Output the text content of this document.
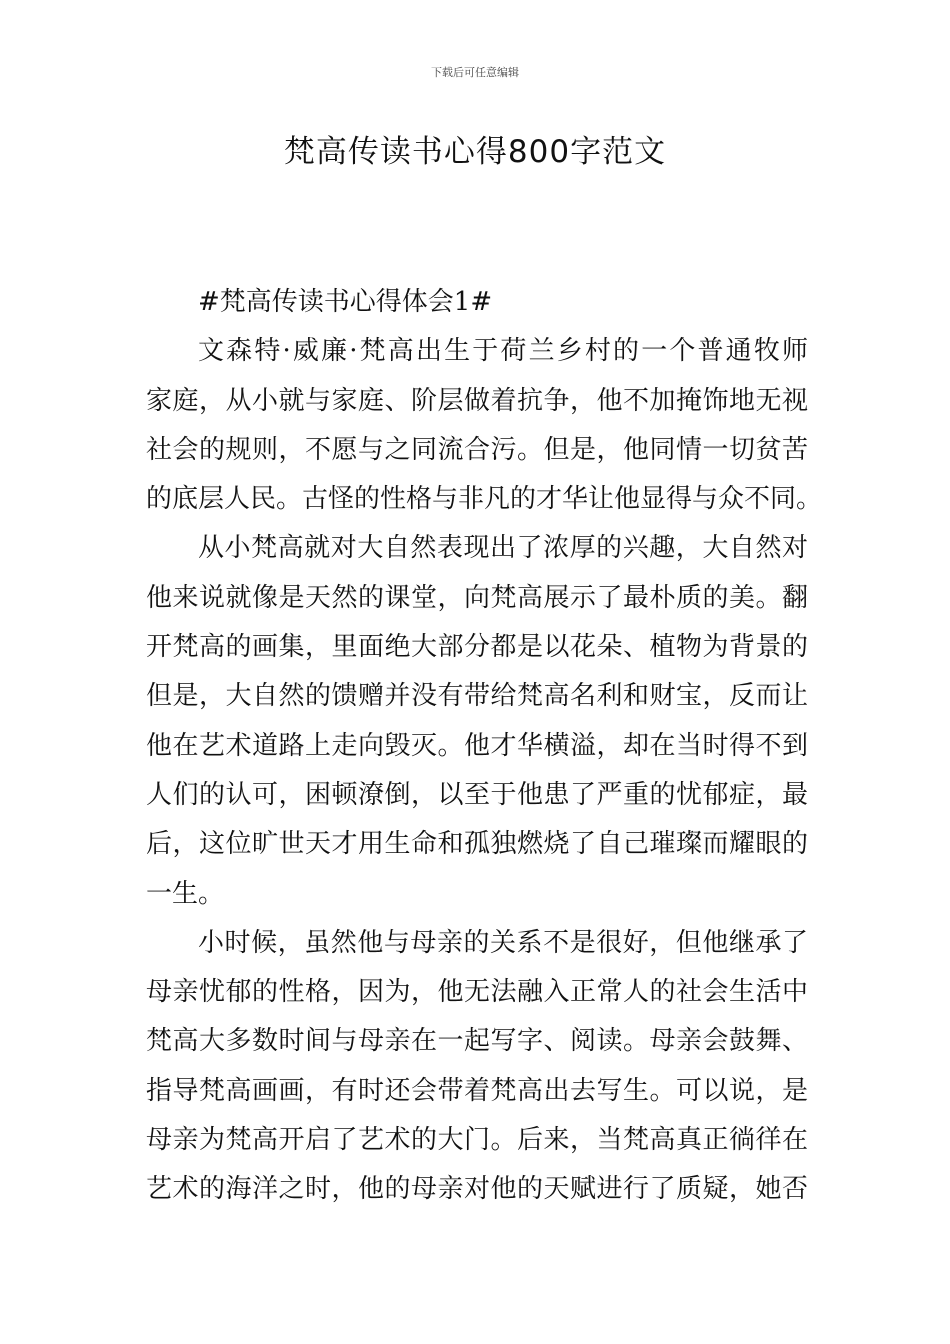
下载后可任意编辑
梵高传读书心得800字范文
#梵高传读书心得体会1#
文森特·威廉·梵高出生于荷兰乡村的一个普通牧师
家庭，从小就与家庭、阶层做着抗争，他不加掩饰地无视
社会的规则，不愿与之同流合污。但是，他同情一切贫苦
的底层人民。古怪的性格与非凡的才华让他显得与众不同。
从小梵高就对大自然表现出了浓厚的兴趣，大自然对
他来说就像是天然的课堂，向梵高展示了最朴质的美。翻
开梵高的画集，里面绝大部分都是以花朵、植物为背景的
但是，大自然的馈赠并没有带给梵高名利和财宝，反而让
他在艺术道路上走向毁灭。他才华横溢，却在当时得不到
人们的认可，困顿潦倒，以至于他患了严重的忧郁症，最
后，这位旷世天才用生命和孤独燃烧了自己璀璨而耀眼的
一生。
小时候，虽然他与母亲的关系不是很好，但他继承了
母亲忧郁的性格，因为，他无法融入正常人的社会生活中
梵高大多数时间与母亲在一起写字、阅读。母亲会鼓舞、
指导梵高画画，有时还会带着梵高出去写生。可以说，是
母亲为梵高开启了艺术的大门。后来，当梵高真正徜徉在
艺术的海洋之时，他的母亲对他的天赋进行了质疑，她否
